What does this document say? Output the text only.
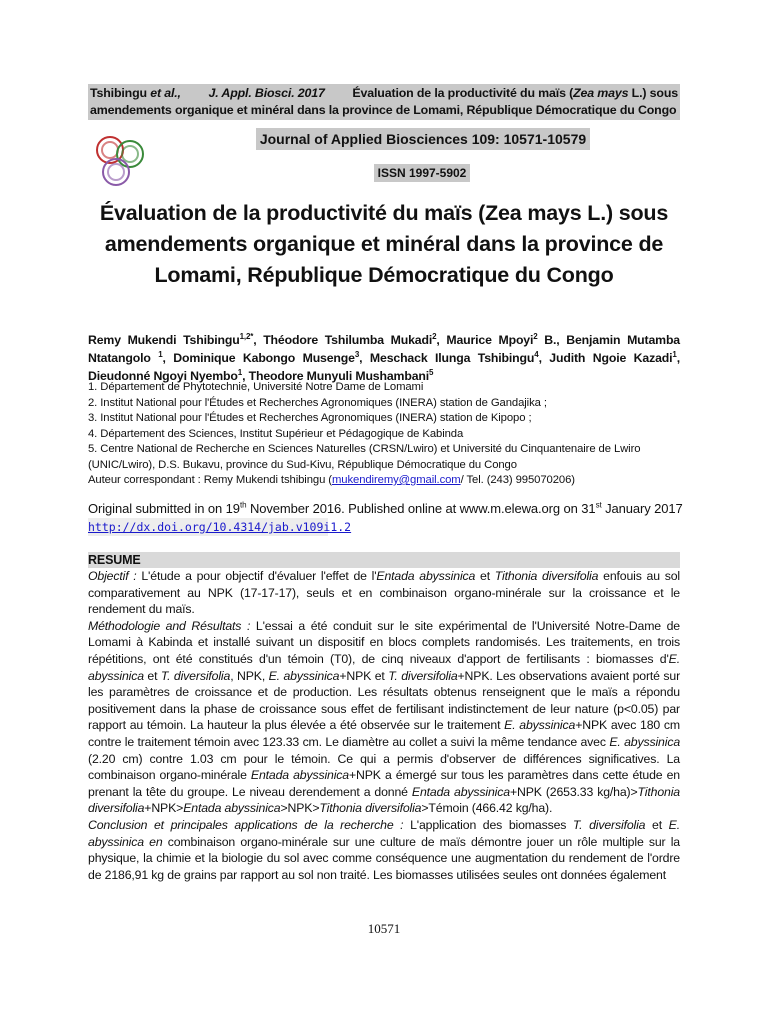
Tshibingu et al., J. Appl. Biosci. 2017 Évaluation de la productivité du maïs (Zea mays L.) sous
amendements organique et minéral dans la province de Lomami, République Démocratique du Congo
Journal of Applied Biosciences 109: 10571-10579
ISSN 1997-5902
Évaluation de la productivité du maïs (Zea mays L.) sous amendements organique et minéral dans la province de Lomami, République Démocratique du Congo
Remy Mukendi Tshibingu$^{1,2*}$, Théodore Tshilumba Mukadi$^2$, Maurice Mpoyi$^2$ B., Benjamin Mutamba Ntatangolo $^1$, Dominique Kabongo Musenge$^3$, Meschack Ilunga Tshibingu$^4$, Judith Ngoie Kazadi$^1$, Dieudonné Ngoyi Nyembo$^1$, Theodore Munyuli Mushambani$^5$
1. Département de Phytotechnie, Université Notre Dame de Lomami
2. Institut National pour l'Études et Recherches Agronomiques (INERA) station de Gandajika ;
3. Institut National pour l'Études et Recherches Agronomiques (INERA) station de Kipopo ;
4. Département des Sciences, Institut Supérieur et Pédagogique de Kabinda
5. Centre National de Recherche en Sciences Naturelles (CRSN/Lwiro) et Université du Cinquantenaire de Lwiro (UNIC/Lwiro), D.S. Bukavu, province du Sud-Kivu, République Démocratique du Congo
Auteur correspondant : Remy Mukendi tshibingu (mukendiremy@gmail.com/ Tel. (243) 995070206)
Original submitted in on 19th November 2016. Published online at www.m.elewa.org on 31st January 2017
http://dx.doi.org/10.4314/jab.v109i1.2
RESUME

Objectif : L'étude a pour objectif d'évaluer l'effet de l'Entada abyssinica et Tithonia diversifolia enfouis au sol comparativement au NPK (17-17-17), seuls et en combinaison organo-minérale sur la croissance et le rendement du maïs.

Méthodologie and Résultats : L'essai a été conduit sur le site expérimental de l'Université Notre-Dame de Lomami à Kabinda et installé suivant un dispositif en blocs complets randomisés. Les traitements, en trois répétitions, ont été constitués d'un témoin (T0), de cinq niveaux d'apport de fertilisants : biomasses d'E. abyssinica et T. diversifolia, NPK, E. abyssinica+NPK et T. diversifolia+NPK. Les observations avaient porté sur les paramètres de croissance et de production. Les résultats obtenus renseignent que le maïs a répondu positivement dans la phase de croissance sous effet de fertilisant indistinctement de leur nature (p<0.05) par rapport au témoin. La hauteur la plus élevée a été observée sur le traitement E. abyssinica+NPK avec 180 cm contre le traitement témoin avec 123.33 cm. Le diamètre au collet a suivi la même tendance avec E. abyssinica (2.20 cm) contre 1.03 cm pour le témoin. Ce qui a permis d'observer de différences significatives. La combinaison organo-minérale Entada abyssinica+NPK a émergé sur tous les paramètres dans cette étude en prenant la tête du groupe. Le niveau derendement a donné Entada abyssinica+NPK (2653.33 kg/ha)>Tithonia diversifolia+NPK>Entada abyssinica>NPK>Tithonia diversifolia>Témoin (466.42 kg/ha).

Conclusion et principales applications de la recherche : L'application des biomasses T. diversifolia et E. abyssinica en combinaison organo-minérale sur une culture de maïs démontre jouer un rôle multiple sur la physique, la chimie et la biologie du sol avec comme conséquence une augmentation du rendement de l'ordre de 2186,91 kg de grains par rapport au sol non traité. Les biomasses utilisées seules ont données également

10571
